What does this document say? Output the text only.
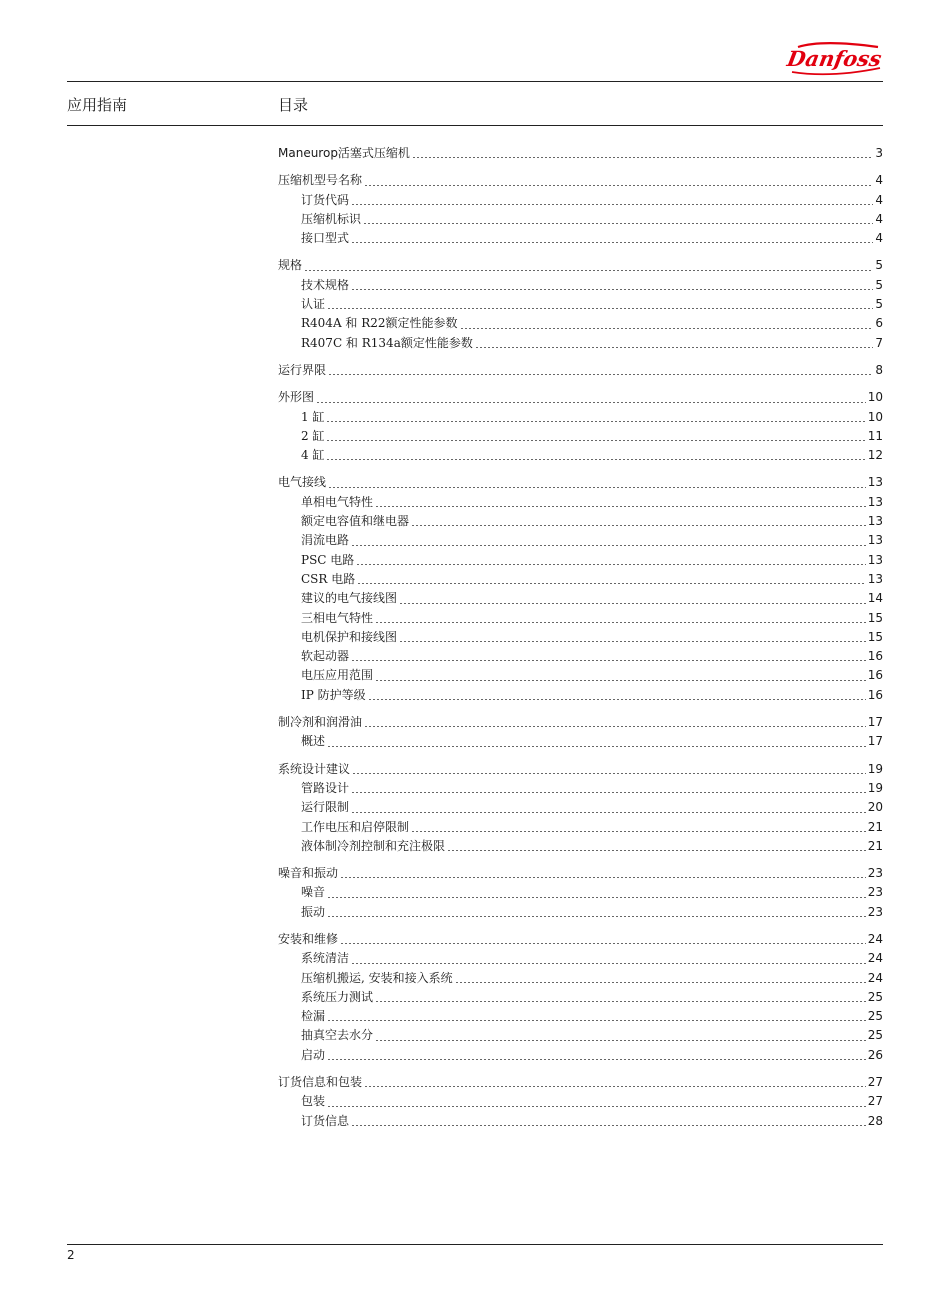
Danfoss
应用指南	目录
Maneurop活塞式压缩机	3
压缩机型号名称	4
订货代码	4
压缩机标识	4
接口型式	4
规格	5
技术规格	5
认证	5
R404A 和 R22额定性能参数	6
R407C 和 R134a额定性能参数	7
运行界限	8
外形图	10
1 缸	10
2 缸	11
4 缸	12
电气接线	13
单相电气特性	13
额定电容值和继电器	13
涓流电路	13
PSC 电路	13
CSR 电路	13
建议的电气接线图	14
三相电气特性	15
电机保护和接线图	15
软起动器	16
电压应用范围	16
IP 防护等级	16
制冷剂和润滑油	17
概述	17
系统设计建议	19
管路设计	19
运行限制	20
工作电压和启停限制	21
液体制冷剂控制和充注极限	21
噪音和振动	23
噪音	23
振动	23
安装和维修	24
系统清洁	24
压缩机搬运, 安装和接入系统	24
系统压力测试	25
检漏	25
抽真空去水分	25
启动	26
订货信息和包装	27
包装	27
订货信息	28
2
